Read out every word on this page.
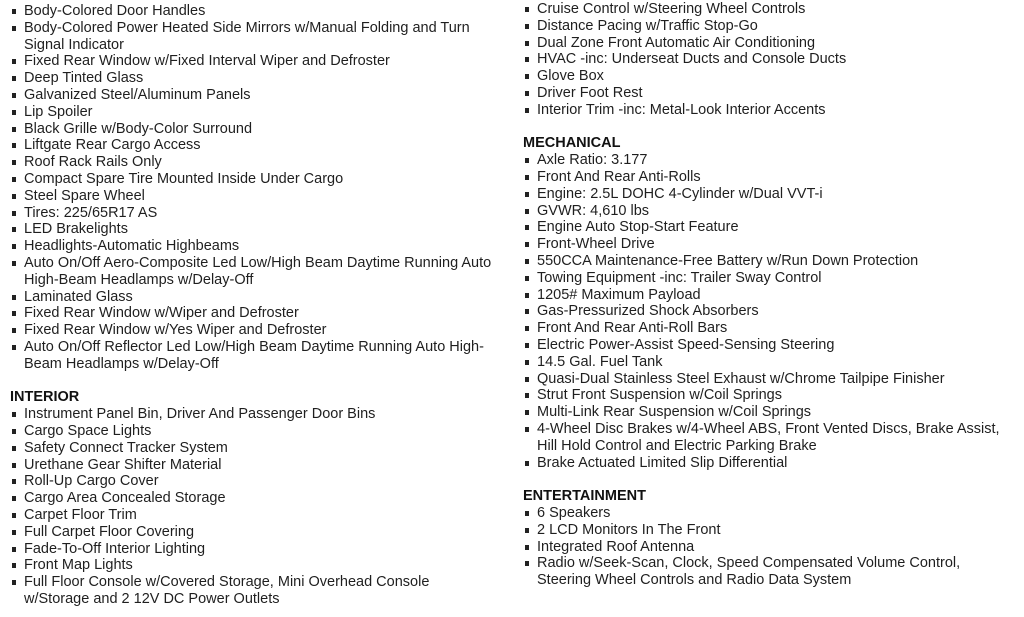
Body-Colored Door Handles
Body-Colored Power Heated Side Mirrors w/Manual Folding and Turn
Signal Indicator
Fixed Rear Window w/Fixed Interval Wiper and Defroster
Deep Tinted Glass
Galvanized Steel/Aluminum Panels
Lip Spoiler
Black Grille w/Body-Color Surround
Liftgate Rear Cargo Access
Roof Rack Rails Only
Compact Spare Tire Mounted Inside Under Cargo
Steel Spare Wheel
Tires: 225/65R17 AS
LED Brakelights
Headlights-Automatic Highbeams
Auto On/Off Aero-Composite Led Low/High Beam Daytime Running Auto
High-Beam Headlamps w/Delay-Off
Laminated Glass
Fixed Rear Window w/Wiper and Defroster
Fixed Rear Window w/Yes Wiper and Defroster
Auto On/Off Reflector Led Low/High Beam Daytime Running Auto High-
Beam Headlamps w/Delay-Off
INTERIOR
Instrument Panel Bin, Driver And Passenger Door Bins
Cargo Space Lights
Safety Connect Tracker System
Urethane Gear Shifter Material
Roll-Up Cargo Cover
Cargo Area Concealed Storage
Carpet Floor Trim
Full Carpet Floor Covering
Fade-To-Off Interior Lighting
Front Map Lights
Full Floor Console w/Covered Storage, Mini Overhead Console
w/Storage and 2 12V DC Power Outlets
Cruise Control w/Steering Wheel Controls
Distance Pacing w/Traffic Stop-Go
Dual Zone Front Automatic Air Conditioning
HVAC -inc: Underseat Ducts and Console Ducts
Glove Box
Driver Foot Rest
Interior Trim -inc: Metal-Look Interior Accents
MECHANICAL
Axle Ratio: 3.177
Front And Rear Anti-Rolls
Engine: 2.5L DOHC 4-Cylinder w/Dual VVT-i
GVWR: 4,610 lbs
Engine Auto Stop-Start Feature
Front-Wheel Drive
550CCA Maintenance-Free Battery w/Run Down Protection
Towing Equipment -inc: Trailer Sway Control
1205# Maximum Payload
Gas-Pressurized Shock Absorbers
Front And Rear Anti-Roll Bars
Electric Power-Assist Speed-Sensing Steering
14.5 Gal. Fuel Tank
Quasi-Dual Stainless Steel Exhaust w/Chrome Tailpipe Finisher
Strut Front Suspension w/Coil Springs
Multi-Link Rear Suspension w/Coil Springs
4-Wheel Disc Brakes w/4-Wheel ABS, Front Vented Discs, Brake Assist,
Hill Hold Control and Electric Parking Brake
Brake Actuated Limited Slip Differential
ENTERTAINMENT
6 Speakers
2 LCD Monitors In The Front
Integrated Roof Antenna
Radio w/Seek-Scan, Clock, Speed Compensated Volume Control,
Steering Wheel Controls and Radio Data System
